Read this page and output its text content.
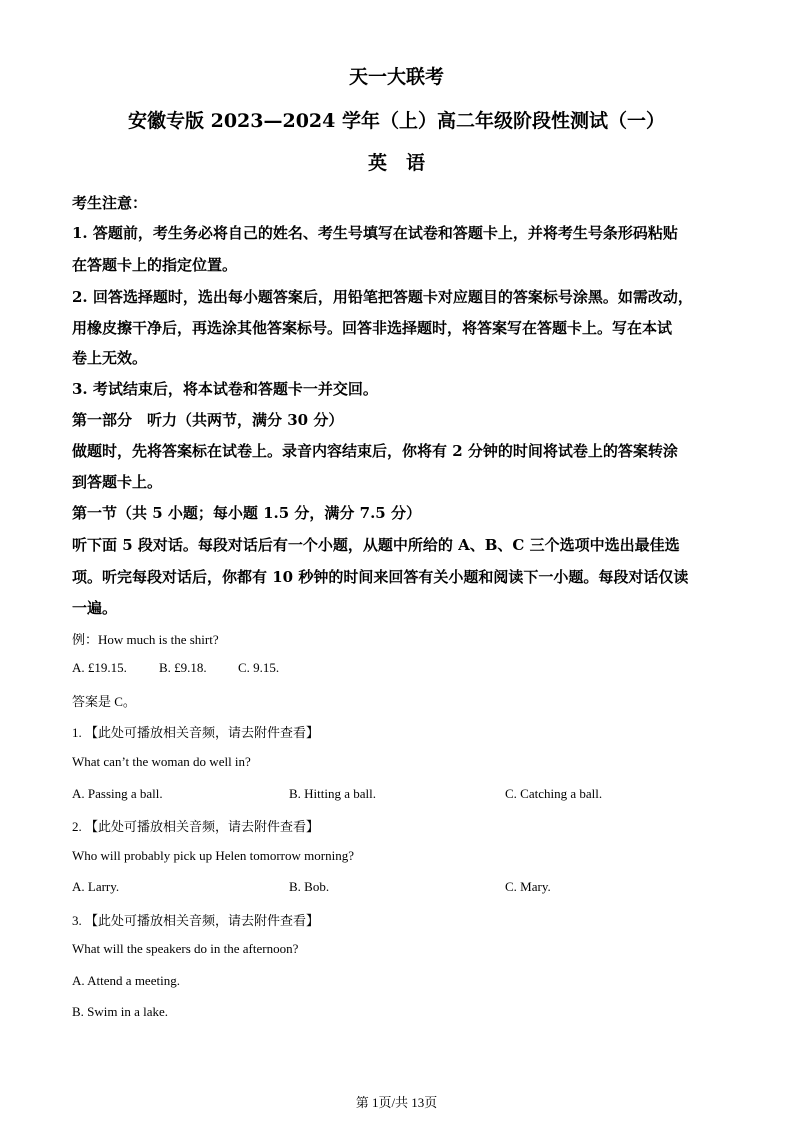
天一大联考
安徽专版 2023—2024 学年（上）高二年级阶段性测试（一）
英　语
考生注意：
1. 答题前，考生务必将自己的姓名、考生号填写在试卷和答题卡上，并将考生号条形码粘贴
在答题卡上的指定位置。
2. 回答选择题时，选出每小题答案后，用铅笔把答题卡对应题目的答案标号涂黑。如需改动，
用橡皮擦干净后，再选涂其他答案标号。回答非选择题时，将答案写在答题卡上。写在本试
卷上无效。
3. 考试结束后，将本试卷和答题卡一并交回。
第一部分　听力（共两节，满分 30 分）
做题时，先将答案标在试卷上。录音内容结束后，你将有 2 分钟的时间将试卷上的答案转涂
到答题卡上。
第一节（共 5 小题；每小题 1.5 分，满分 7.5 分）
听下面 5 段对话。每段对话后有一个小题，从题中所给的 A、B、C 三个选项中选出最佳选
项。听完每段对话后，你都有 10 秒钟的时间来回答有关小题和阅读下一小题。每段对话仅读
一遍。
例：How much is the shirt?
A. £19.15. B. £9.18. C. 9.15.
答案是 C。
1. 【此处可播放相关音频，请去附件查看】
What can’t the woman do well in?
A. Passing a ball.	B. Hitting a ball.	C. Catching a ball.
2. 【此处可播放相关音频，请去附件查看】
Who will probably pick up Helen tomorrow morning?
A. Larry.	B. Bob.	C. Mary.
3. 【此处可播放相关音频，请去附件查看】
What will the speakers do in the afternoon?
A. Attend a meeting.
B. Swim in a lake.
第 1页/共 13页
